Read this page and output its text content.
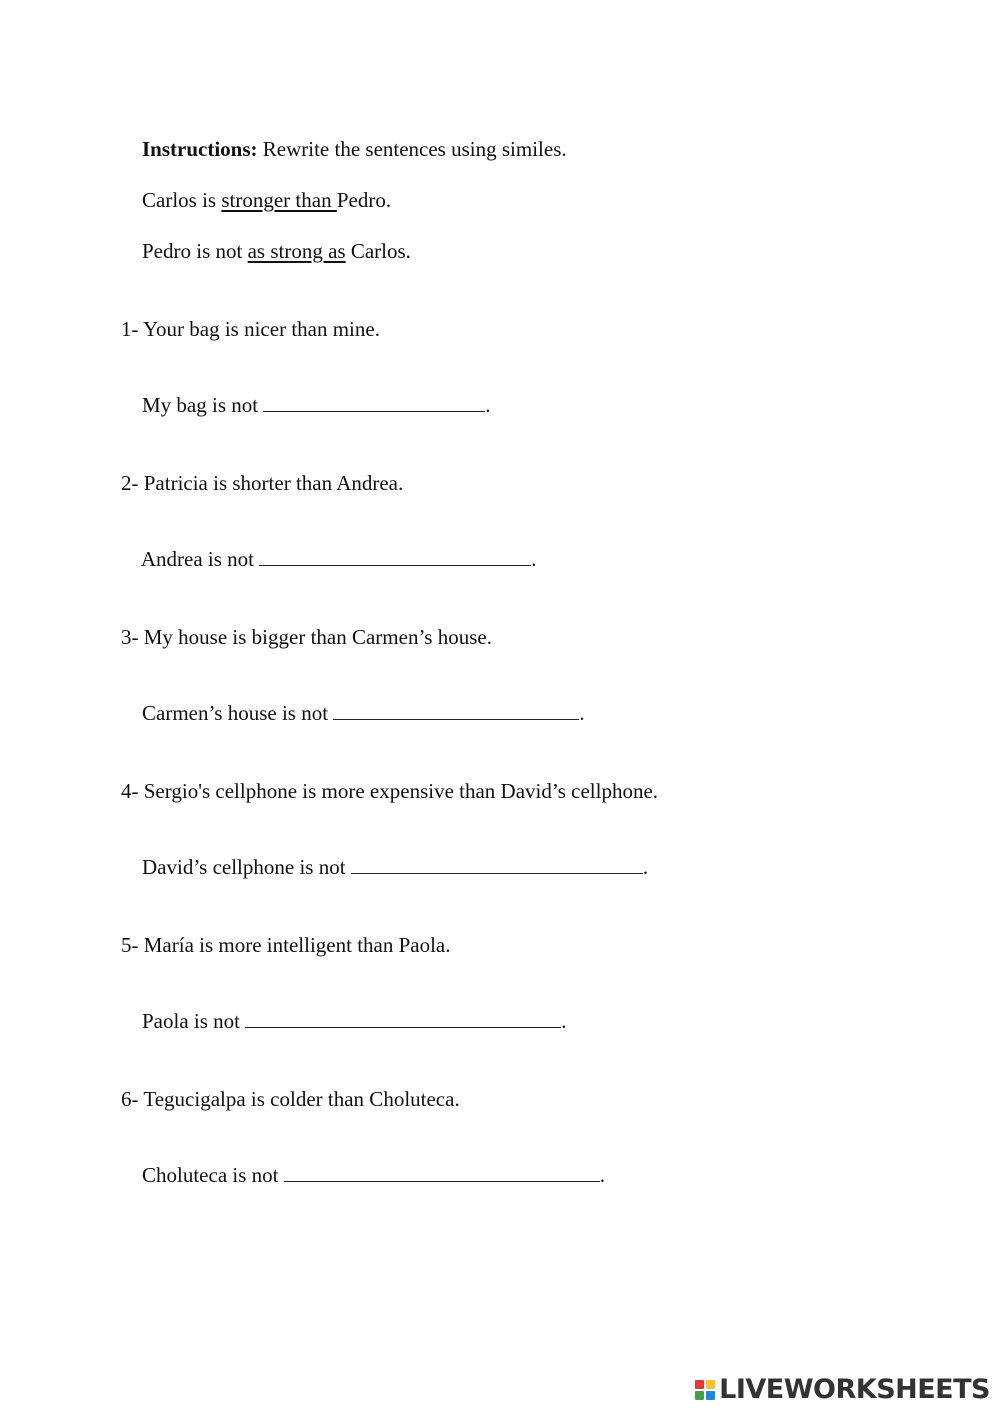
Instructions: Rewrite the sentences using similes.

Carlos is stronger than Pedro.

Pedro is not as strong as Carlos.

1- Your bag is nicer than mine.

My bag is not	.

2- Patricia is shorter than Andrea.

Andrea is not	.

3- My house is bigger than Carmen’s house.

Carmen’s house is not	.

4- Sergio's cellphone is more expensive than David’s cellphone.

David’s cellphone is not	.

5- María is more intelligent than Paola.

Paola is not	.

6- Tegucigalpa is colder than Choluteca.

Choluteca is not	.

LIVEWORKSHEETS
